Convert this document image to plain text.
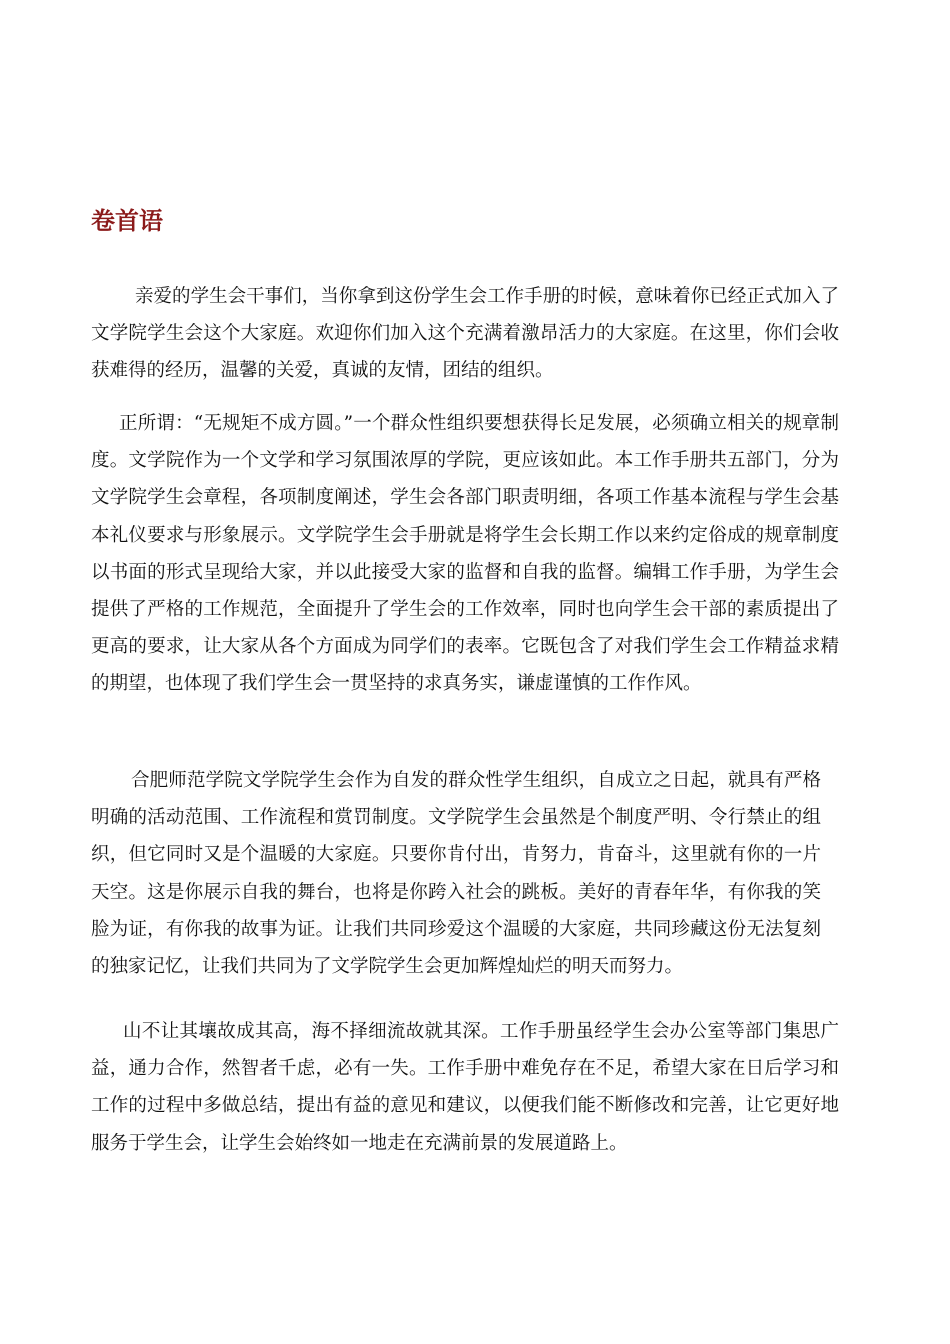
卷首语

亲爱的学生会干事们，当你拿到这份学生会工作手册的时候，意味着你已经正式加入了文学院学生会这个大家庭。欢迎你们加入这个充满着激昂活力的大家庭。在这里，你们会收获难得的经历，温馨的关爱，真诚的友情，团结的组织。

正所谓：“无规矩不成方圆。”一个群众性组织要想获得长足发展，必须确立相关的规章制度。文学院作为一个文学和学习氛围浓厚的学院，更应该如此。本工作手册共五部门，分为文学院学生会章程，各项制度阐述，学生会各部门职责明细，各项工作基本流程与学生会基本礼仪要求与形象展示。文学院学生会手册就是将学生会长期工作以来约定俗成的规章制度以书面的形式呈现给大家，并以此接受大家的监督和自我的监督。编辑工作手册，为学生会提供了严格的工作规范，全面提升了学生会的工作效率，同时也向学生会干部的素质提出了更高的要求，让大家从各个方面成为同学们的表率。它既包含了对我们学生会工作精益求精的期望，也体现了我们学生会一贯坚持的求真务实，谦虚谨慎的工作作风。

合肥师范学院文学院学生会作为自发的群众性学生组织，自成立之日起，就具有严格明确的活动范围、工作流程和赏罚制度。文学院学生会虽然是个制度严明、令行禁止的组织，但它同时又是个温暖的大家庭。只要你肯付出，肯努力，肯奋斗，这里就有你的一片天空。这是你展示自我的舞台，也将是你跨入社会的跳板。美好的青春年华，有你我的笑脸为证，有你我的故事为证。让我们共同珍爱这个温暖的大家庭，共同珍藏这份无法复刻的独家记忆，让我们共同为了文学院学生会更加辉煌灿烂的明天而努力。

山不让其壤故成其高，海不择细流故就其深。工作手册虽经学生会办公室等部门集思广益，通力合作，然智者千虑，必有一失。工作手册中难免存在不足，希望大家在日后学习和工作的过程中多做总结，提出有益的意见和建议，以便我们能不断修改和完善，让它更好地服务于学生会，让学生会始终如一地走在充满前景的发展道路上。
